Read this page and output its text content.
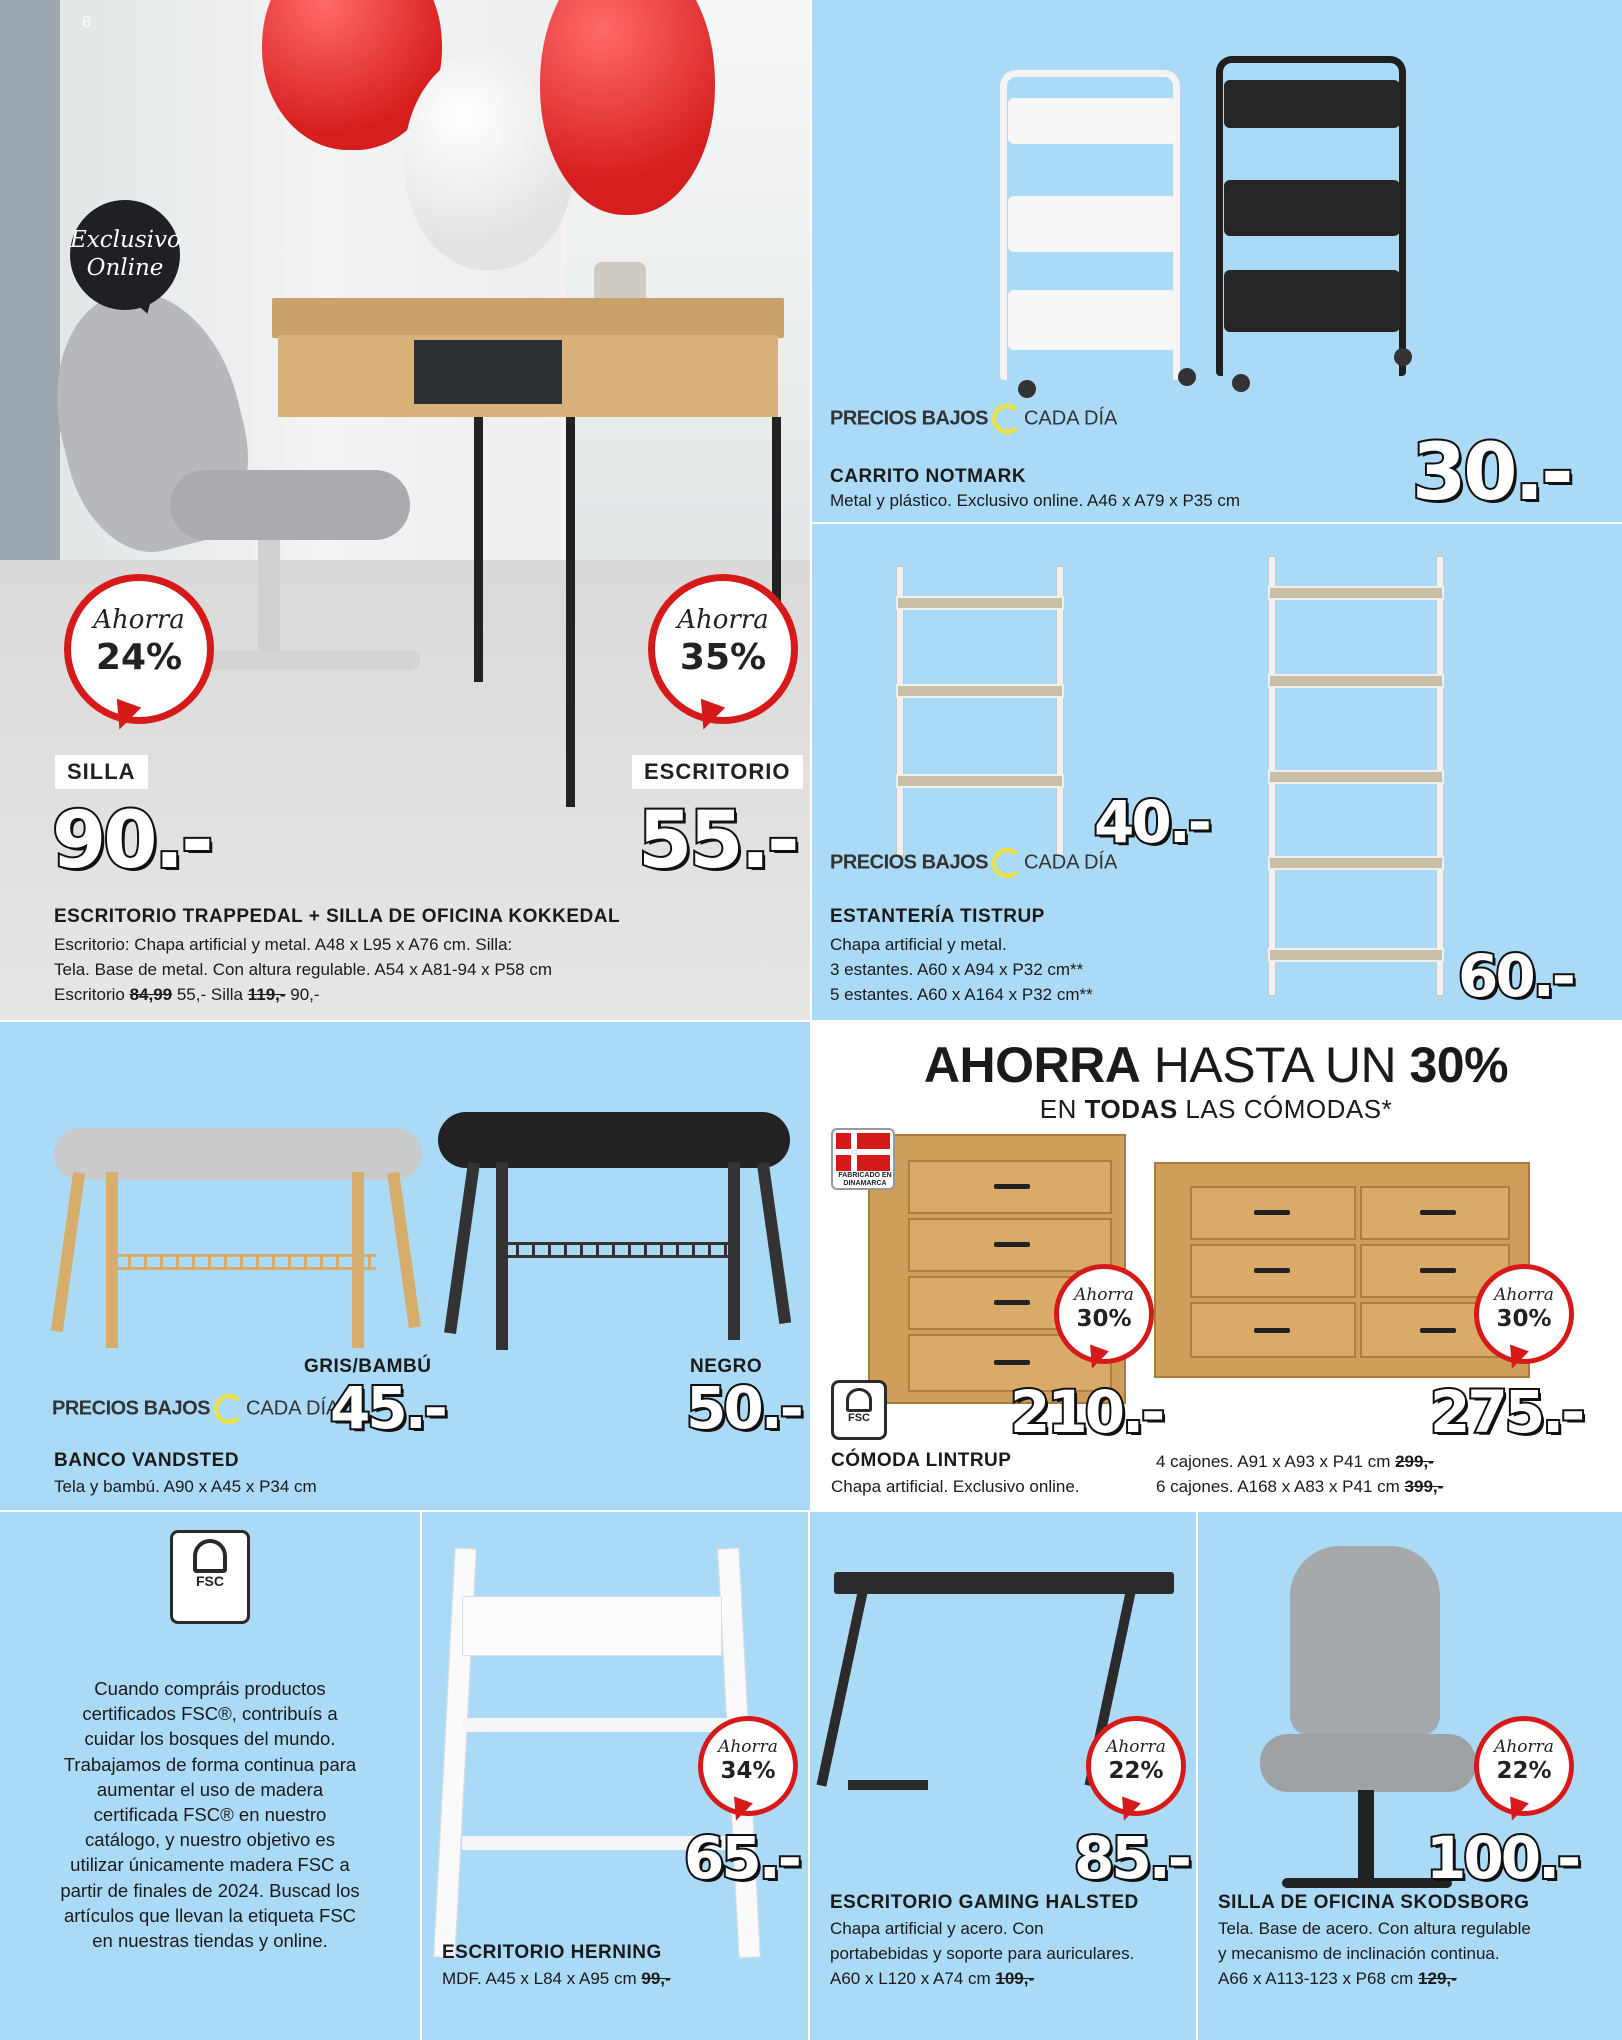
6
Exclusivo
Online
Ahorra
24%
Ahorra
35%
SILLA	ESCRITORIO
90.-	55.-
ESCRITORIO TRAPPEDAL + SILLA DE OFICINA KOKKEDAL
Escritorio: Chapa artificial y metal. A48 x L95 x A76 cm. Silla:
Tela. Base de metal. Con altura regulable. A54 x A81-94 x P58 cm
Escritorio 84,99 55,- Silla 119,- 90,-
PRECIOS BAJOS CADA DÍA
CARRITO NOTMARK
Metal y plástico. Exclusivo online. A46 x A79 x P35 cm 30.-
40.-
60.-
PRECIOS BAJOS CADA DÍA
ESTANTERÍA TISTRUP
Chapa artificial y metal.
3 estantes. A60 x A94 x P32 cm**
5 estantes. A60 x A164 x P32 cm**
GRIS/BAMBÚ	NEGRO
PRECIOS BAJOS CADA DÍA
45.-	50.-
BANCO VANDSTED
Tela y bambú. A90 x A45 x P34 cm
AHORRA HASTA UN 30%
EN TODAS LAS CÓMODAS*
FABRICADO EN DINAMARCA
FSC
Ahorra
30%
Ahorra
30%
210.-	275.-
CÓMODA LINTRUP
Chapa artificial. Exclusivo online.
4 cajones. A91 x A93 x P41 cm 299,-
6 cajones. A168 x A83 x P41 cm 399,-
FSC
Cuando compráis productos certificados FSC®, contribuís a cuidar los bosques del mundo. Trabajamos de forma continua para aumentar el uso de madera certificada FSC® en nuestro catálogo, y nuestro objetivo es utilizar únicamente madera FSC a partir de finales de 2024. Buscad los artículos que llevan la etiqueta FSC en nuestras tiendas y online.
ESCRITORIO HERNING
MDF. A45 x L84 x A95 cm 99,-
Ahorra
34%
65.-
ESCRITORIO GAMING HALSTED
Chapa artificial y acero. Con
portabebidas y soporte para auriculares.
A60 x L120 x A74 cm 109,-
Ahorra
22%
85.-
SILLA DE OFICINA SKODSBORG
Tela. Base de acero. Con altura regulable
y mecanismo de inclinación continua.
A66 x A113-123 x P68 cm 129,-
Ahorra
22%
100.-
